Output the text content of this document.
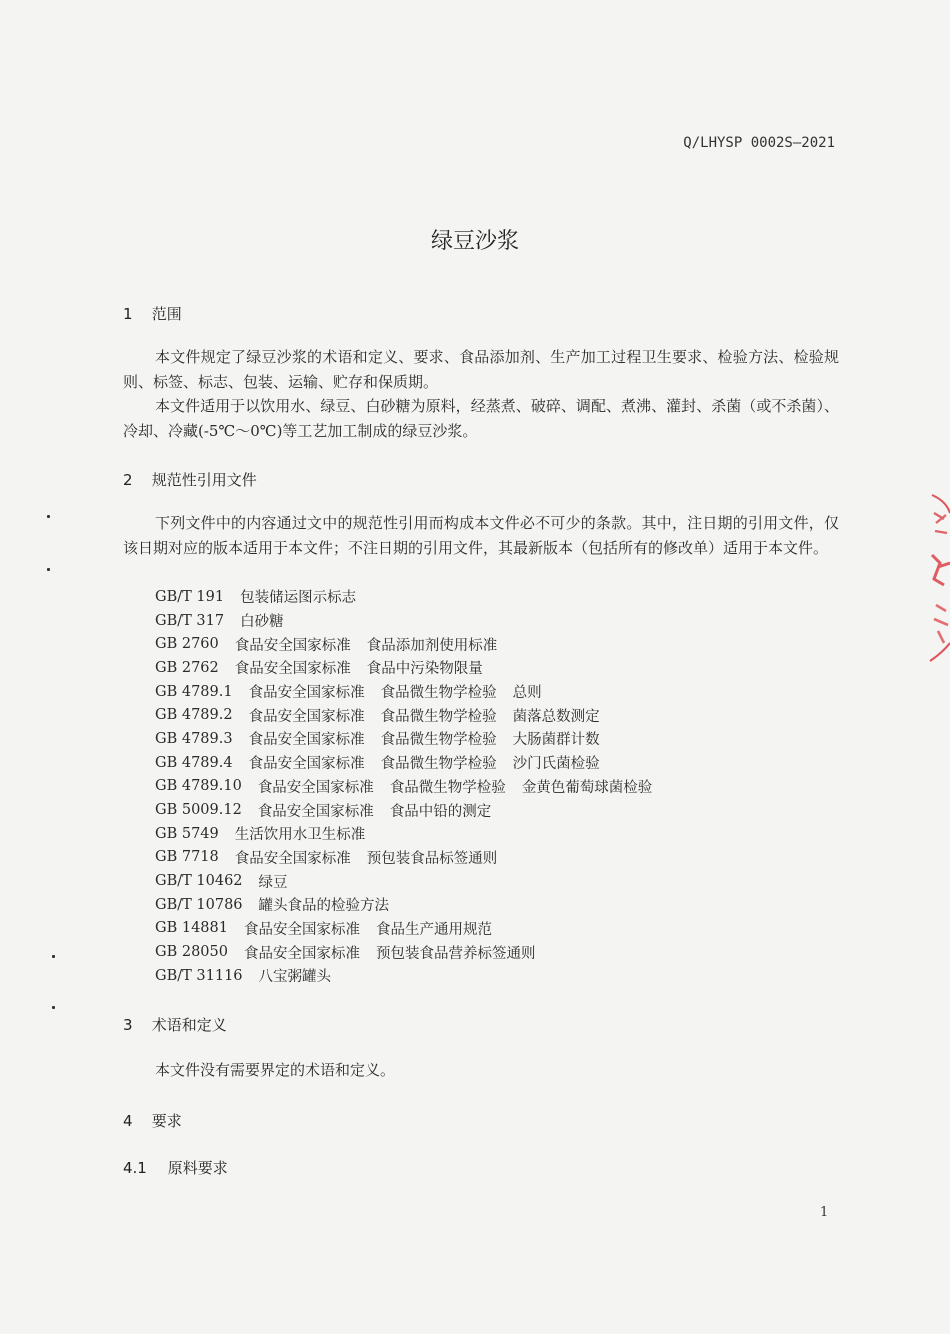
Q/LHYSP 0002S—2021
绿豆沙浆
1 范围

本文件规定了绿豆沙浆的术语和定义、要求、食品添加剂、生产加工过程卫生要求、检验方法、检验规则、标签、标志、包装、运输、贮存和保质期。

本文件适用于以饮用水、绿豆、白砂糖为原料，经蒸煮、破碎、调配、煮沸、灌封、杀菌（或不杀菌）、冷却、冷藏(-5℃～0℃)等工艺加工制成的绿豆沙浆。

2 规范性引用文件

下列文件中的内容通过文中的规范性引用而构成本文件必不可少的条款。其中，注日期的引用文件，仅该日期对应的版本适用于本文件；不注日期的引用文件，其最新版本（包括所有的修改单）适用于本文件。

GB/T 191 包装储运图示标志
GB/T 317 白砂糖
GB 2760 食品安全国家标准 食品添加剂使用标准
GB 2762 食品安全国家标准 食品中污染物限量
GB 4789.1 食品安全国家标准 食品微生物学检验 总则
GB 4789.2 食品安全国家标准 食品微生物学检验 菌落总数测定
GB 4789.3 食品安全国家标准 食品微生物学检验 大肠菌群计数
GB 4789.4 食品安全国家标准 食品微生物学检验 沙门氏菌检验
GB 4789.10 食品安全国家标准 食品微生物学检验 金黄色葡萄球菌检验
GB 5009.12 食品安全国家标准 食品中铅的测定
GB 5749 生活饮用水卫生标准
GB 7718 食品安全国家标准 预包装食品标签通则
GB/T 10462 绿豆
GB/T 10786 罐头食品的检验方法
GB 14881 食品安全国家标准 食品生产通用规范
GB 28050 食品安全国家标准 预包装食品营养标签通则
GB/T 31116 八宝粥罐头
3 术语和定义

本文件没有需要界定的术语和定义。

4 要求
4.1 原料要求
1
